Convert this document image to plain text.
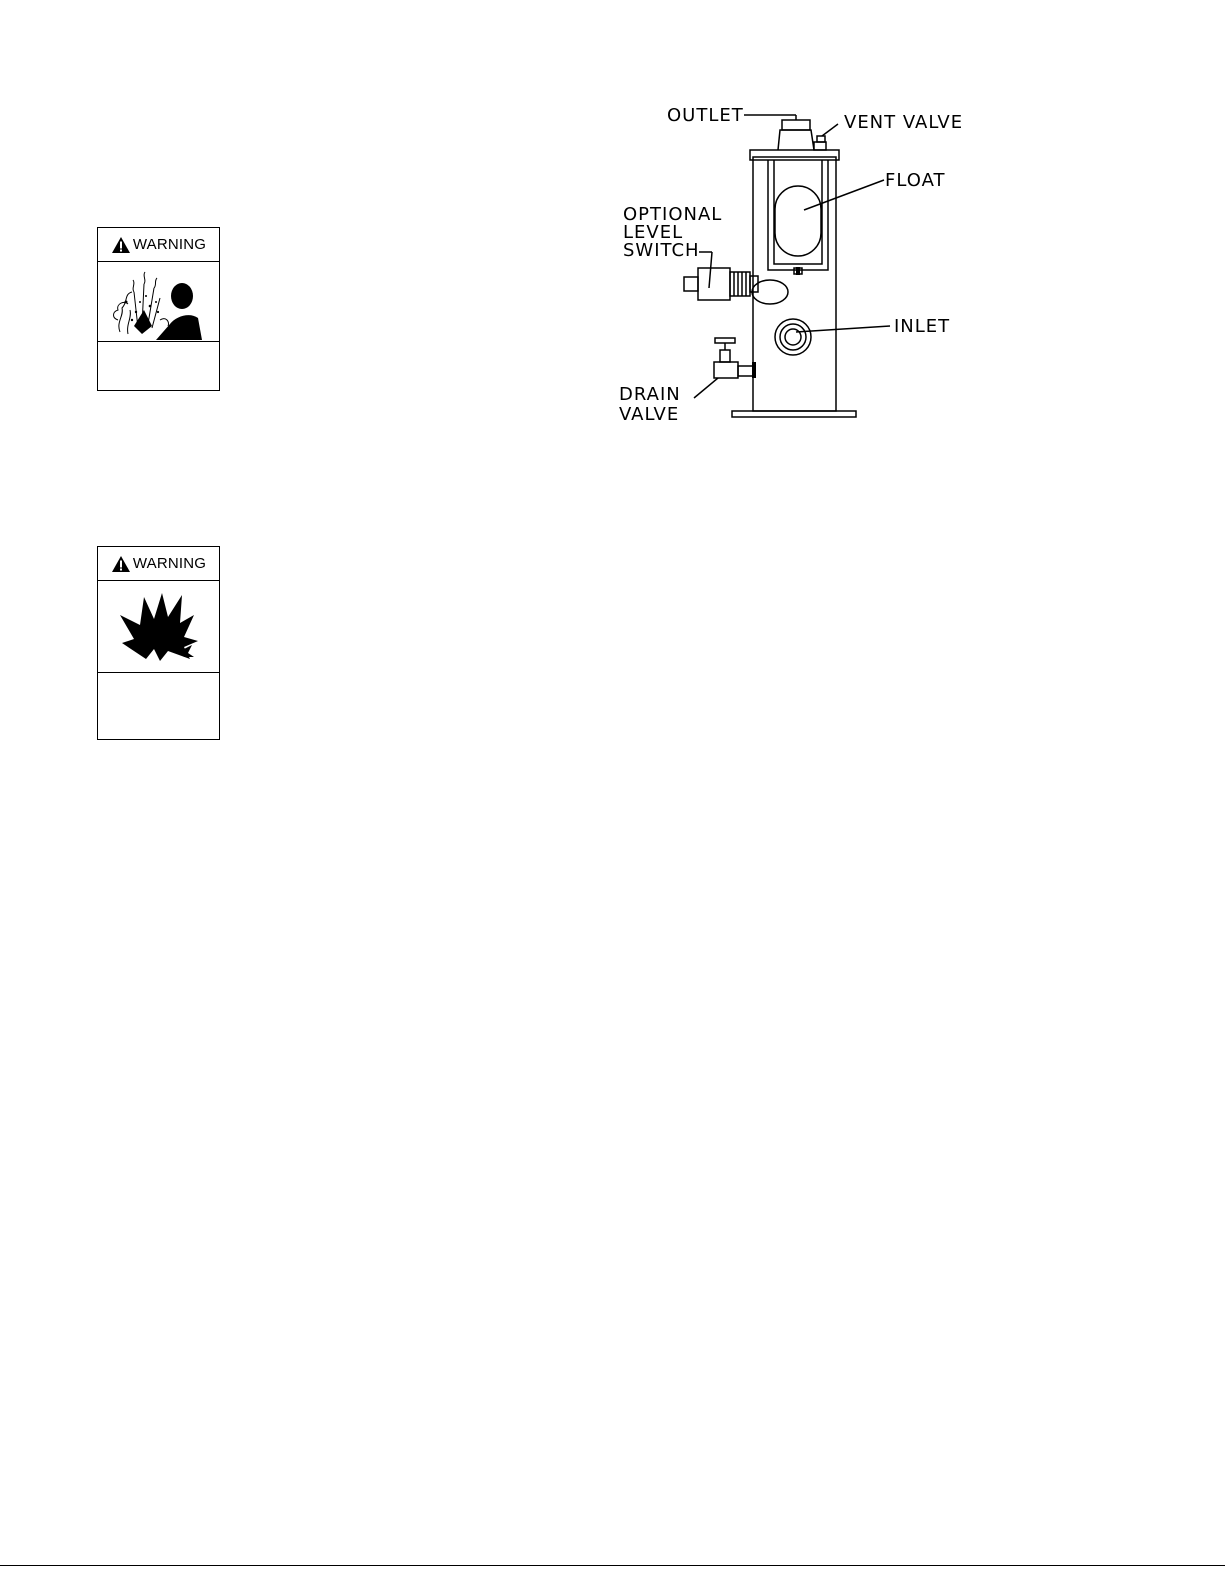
WARNING
WARNING
OUTLET	VENT VALVE
FLOAT
OPTIONAL
LEVEL
SWITCH
INLET
DRAIN
VALVE
